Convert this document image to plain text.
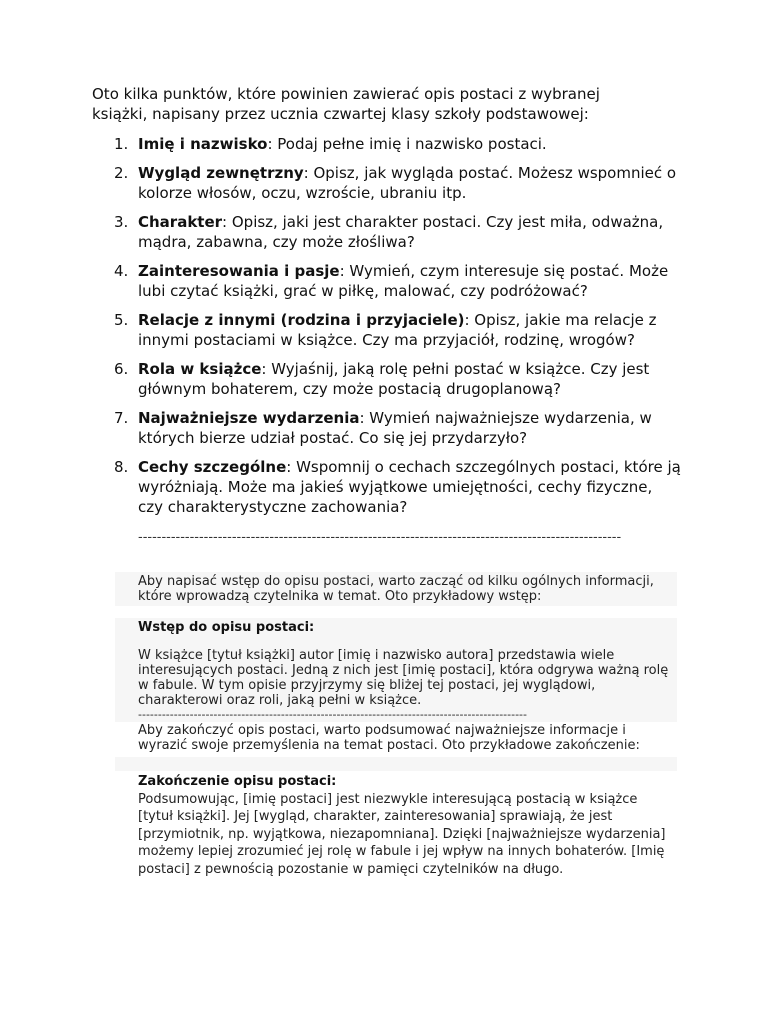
Oto kilka punktów, które powinien zawierać opis postaci z wybranej książki, napisany przez ucznia czwartej klasy szkoły podstawowej:

1. Imię i nazwisko: Podaj pełne imię i nazwisko postaci.
2. Wygląd zewnętrzny: Opisz, jak wygląda postać. Możesz wspomnieć o kolorze włosów, oczu, wzroście, ubraniu itp.
3. Charakter: Opisz, jaki jest charakter postaci. Czy jest miła, odważna, mądra, zabawna, czy może złośliwa?
4. Zainteresowania i pasje: Wymień, czym interesuje się postać. Może lubi czytać książki, grać w piłkę, malować, czy podróżować?
5. Relacje z innymi (rodzina i przyjaciele): Opisz, jakie ma relacje z innymi postaciami w książce. Czy ma przyjaciół, rodzinę, wrogów?
6. Rola w książce: Wyjaśnij, jaką rolę pełni postać w książce. Czy jest głównym bohaterem, czy może postacią drugoplanową?
7. Najważniejsze wydarzenia: Wymień najważniejsze wydarzenia, w których bierze udział postać. Co się jej przydarzyło?
8. Cechy szczególne: Wspomnij o cechach szczególnych postaci, które ją wyróżniają. Może ma jakieś wyjątkowe umiejętności, cechy fizyczne, czy charakterystyczne zachowania?
-------------------------------------------------------------------------------------------------------

Aby napisać wstęp do opisu postaci, warto zacząć od kilku ogólnych informacji, które wprowadzą czytelnika w temat. Oto przykładowy wstęp:

Wstęp do opisu postaci:

W książce [tytuł książki] autor [imię i nazwisko autora] przedstawia wiele interesujących postaci. Jedną z nich jest [imię postaci], która odgrywa ważną rolę w fabule. W tym opisie przyjrzymy się bliżej tej postaci, jej wyglądowi, charakterowi oraz roli, jaką pełni w książce.

--------------------------------------------------------------------------------------------------

Aby zakończyć opis postaci, warto podsumować najważniejsze informacje i wyrazić swoje przemyślenia na temat postaci. Oto przykładowe zakończenie:

Zakończenie opisu postaci:

Podsumowując, [imię postaci] jest niezwykle interesującą postacią w książce [tytuł książki]. Jej [wygląd, charakter, zainteresowania] sprawiają, że jest [przymiotnik, np. wyjątkowa, niezapomniana]. Dzięki [najważniejsze wydarzenia] możemy lepiej zrozumieć jej rolę w fabule i jej wpływ na innych bohaterów. [Imię postaci] z pewnością pozostanie w pamięci czytelników na długo.
